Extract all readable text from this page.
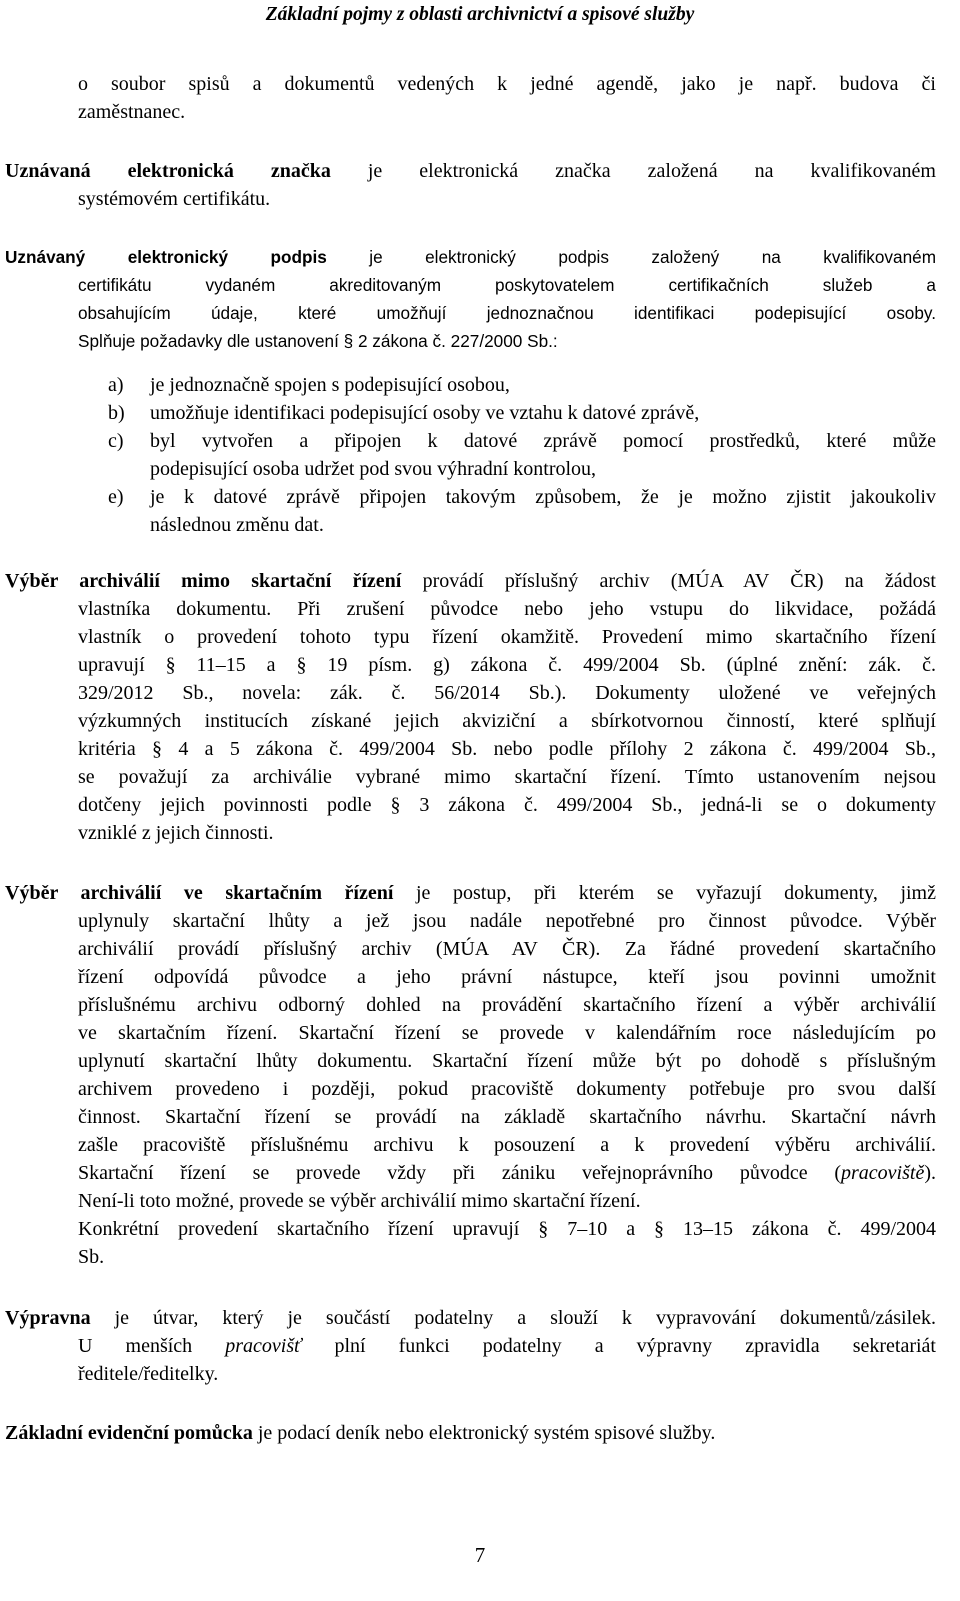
Základní pojmy z oblasti archivnictví a spisové služby
o soubor spisů a dokumentů vedených k jedné agendě, jako je např. budova či
zaměstnanec.
Uznávaná elektronická značka je elektronická značka založená na kvalifikovaném
systémovém certifikátu.
Uznávaný elektronický podpis je elektronický podpis založený na kvalifikovaném
certifikátu vydaném akreditovaným poskytovatelem certifikačních služeb a
obsahujícím údaje, které umožňují jednoznačnou identifikaci podepisující osoby.
Splňuje požadavky dle ustanovení § 2 zákona č. 227/2000 Sb.:
a) je jednoznačně spojen s podepisující osobou,
b) umožňuje identifikaci podepisující osoby ve vztahu k datové zprávě,
c) byl vytvořen a připojen k datové zprávě pomocí prostředků, které může
podepisující osoba udržet pod svou výhradní kontrolou,
e) je k datové zprávě připojen takovým způsobem, že je možno zjistit jakoukoliv
následnou změnu dat.
Výběr archiválií mimo skartační řízení provádí příslušný archiv (MÚA AV ČR) na žádost
vlastníka dokumentu. Při zrušení původce nebo jeho vstupu do likvidace, požádá
vlastník o provedení tohoto typu řízení okamžitě. Provedení mimo skartačního řízení
upravují § 11–15 a § 19 písm. g) zákona č. 499/2004 Sb. (úplné znění: zák. č.
329/2012 Sb., novela: zák. č. 56/2014 Sb.). Dokumenty uložené ve veřejných
výzkumných institucích získané jejich akviziční a sbírkotvornou činností, které splňují
kritéria § 4 a 5 zákona č. 499/2004 Sb. nebo podle přílohy 2 zákona č. 499/2004 Sb.,
se považují za archiválie vybrané mimo skartační řízení. Tímto ustanovením nejsou
dotčeny jejich povinnosti podle § 3 zákona č. 499/2004 Sb., jedná-li se o dokumenty
vzniklé z jejich činnosti.
Výběr archiválií ve skartačním řízení je postup, při kterém se vyřazují dokumenty, jimž
uplynuly skartační lhůty a jež jsou nadále nepotřebné pro činnost původce. Výběr
archiválií provádí příslušný archiv (MÚA AV ČR). Za řádné provedení skartačního
řízení odpovídá původce a jeho právní nástupce, kteří jsou povinni umožnit
příslušnému archivu odborný dohled na provádění skartačního řízení a výběr archiválií
ve skartačním řízení. Skartační řízení se provede v kalendářním roce následujícím po
uplynutí skartační lhůty dokumentu. Skartační řízení může být po dohodě s příslušným
archivem provedeno i později, pokud pracoviště dokumenty potřebuje pro svou další
činnost. Skartační řízení se provádí na základě skartačního návrhu. Skartační návrh
zašle pracoviště příslušnému archivu k posouzení a k provedení výběru archiválií.
Skartační řízení se provede vždy při zániku veřejnoprávního původce (pracoviště).
Není-li toto možné, provede se výběr archiválií mimo skartační řízení.
Konkrétní provedení skartačního řízení upravují § 7–10 a § 13–15 zákona č. 499/2004
Sb.
Výpravna je útvar, který je součástí podatelny a slouží k vypravování dokumentů/zásilek.
U menších pracovišť plní funkci podatelny a výpravny zpravidla sekretariát
ředitele/ředitelky.
Základní evidenční pomůcka je podací deník nebo elektronický systém spisové služby.
7
